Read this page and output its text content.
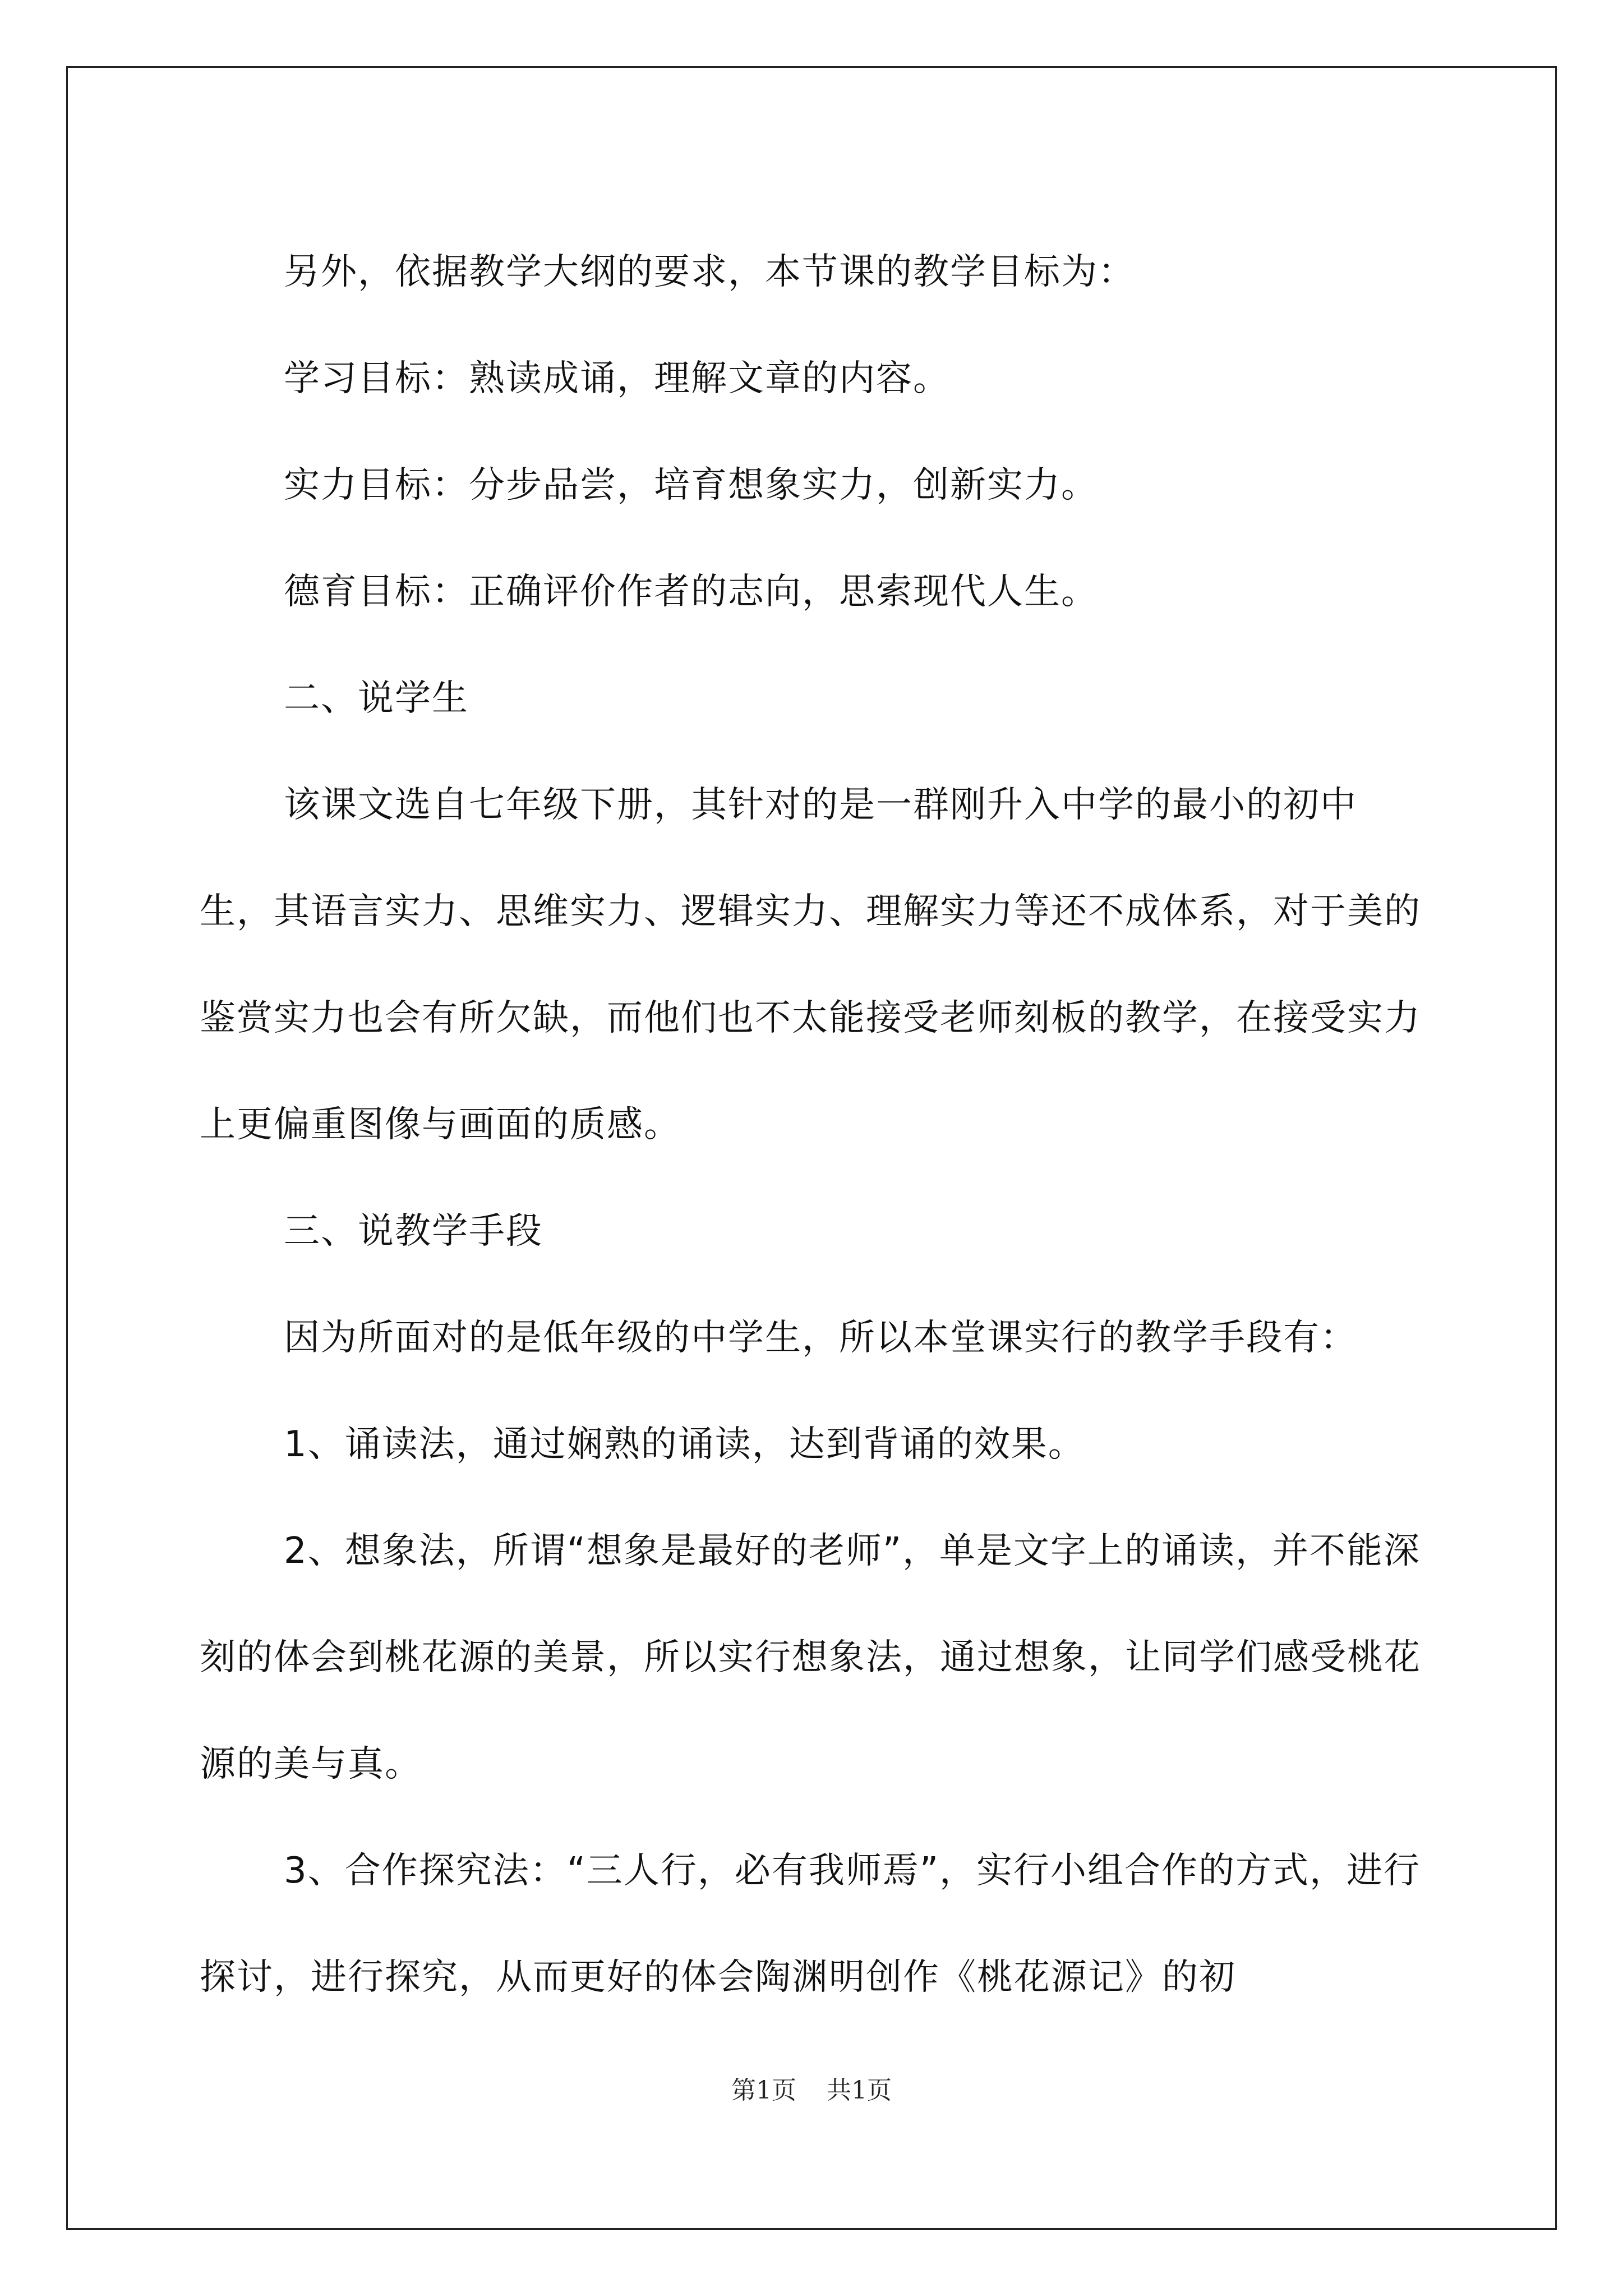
另外，依据教学大纲的要求，本节课的教学目标为：

学习目标：熟读成诵，理解文章的内容。

实力目标：分步品尝，培育想象实力，创新实力。

德育目标：正确评价作者的志向，思索现代人生。

二、说学生

该课文选自七年级下册，其针对的是一群刚升入中学的最小的初中生，其语言实力、思维实力、逻辑实力、理解实力等还不成体系，对于美的鉴赏实力也会有所欠缺，而他们也不太能接受老师刻板的教学，在接受实力上更偏重图像与画面的质感。

三、说教学手段

因为所面对的是低年级的中学生，所以本堂课实行的教学手段有：

1、诵读法，通过娴熟的诵读，达到背诵的效果。

2、想象法，所谓“想象是最好的老师”，单是文字上的诵读，并不能深刻的体会到桃花源的美景，所以实行想象法，通过想象，让同学们感受桃花源的美与真。

3、合作探究法：“三人行，必有我师焉”，实行小组合作的方式，进行探讨，进行探究，从而更好的体会陶渊明创作《桃花源记》的初

第1页 共1页
